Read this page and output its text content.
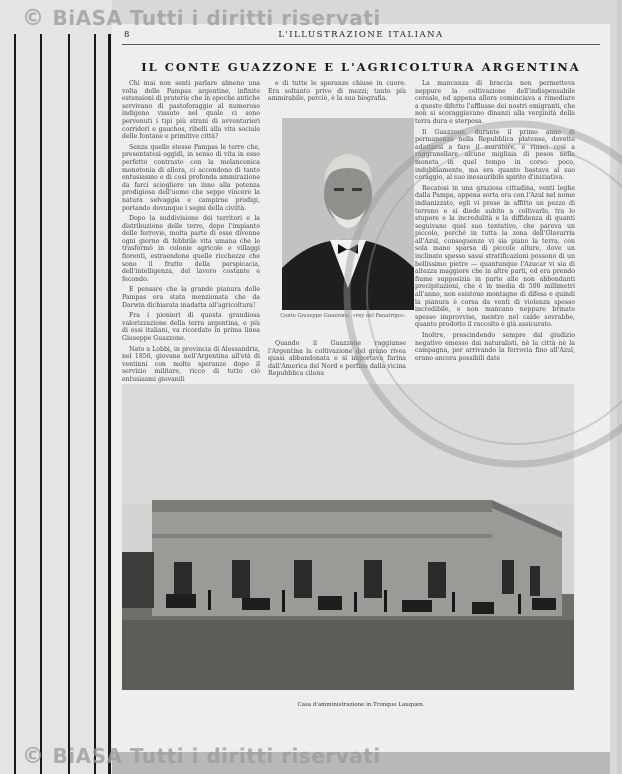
8	L'ILLUSTRAZIONE ITALIANA
IL CONTE GUAZZONE E L'AGRICOLTURA ARGENTINA

Chi mai non sentì parlare almeno una volta delle Pampas argentine, infinite estensioni di praterie che in epoche antiche servivano di pastoforaggio al numeroso indigeno vissuto nel quale ci sono pervenuti i tipi più strani di avventurieri corridori e gauchos, ribelli alla vita sociale delle fontane e primitive città?

Senza quelle stesse Pampas le terre che, presentatesi oggidì, in senso di vita in esso perfetto contrasto con la melanconica monotonia di allora, ci accendono di tanto entusiasmo e di così profonda ammirazione da farci scioglierе un inno alla potenza prodigiosa dell'uomo che seppe vincere la natura selvaggia e campirne prodigi, portando dovunque i segni della civiltà.

Dopo la suddivisione dei territori e la distribuzione delle terre, dopo l'impianto delle ferrovie, molta parte di esse divenne ogni giorno di febbrile vita umana che le trasformò in colonie agricole e villaggi fiorenti, estraendone quelle ricchezze che sono il frutto della perspicacia, dell'intelligenza, del lavoro costante e fecondo.

E pensare che la grande pianura delle Pampas era stata menzionata che da Darwin dichiarata inadatta all'agricoltura!

Fra i pionieri di questa grandiosa valorizzazione della terra argentina, e più di essi italiani, va ricordato in prima linea Giuseppe Guazzone.

Nato a Lobbi, in provincia di Alessandria, nel 1856, giovane nell'Argentina all'età di ventinni con molte speranze dopo il servizio militare, ricco di tutto ciò entusiasmi giovanili

e di tutte le speranze chiuse in cuore. Era soltanto privo di mezzi; tanto più ammirabile, perciò, è la sua biografia.

Conte Giuseppe Guazzone, «rey del Panatrigo».

Quando il Guazzone raggiunse l'Argentina la coltivazione del grano rivea quasi abbandonata e si importava farina dall'America del Nord e perfino dalla vicina Repubblica cilena

La mancanza di braccia non permetteva neppure la coltivazione dell'indispensabile cereale, ed appena allora cominciava a rimediare a questo difetto l'afflusso dei nostri emigranti, che non si scoraggiavano dinanzi alla verginità della terra dura e sterposa.

Il Guazzone, durante il primo anno di permanenza nella Repubblica platense, dovette adattarsi a fare il muratore, e riuscì così a raggranellare alcune migliaia di pesos nella moneta in quel tempo in corso: poco, indubbiamente, ma era quanto bastava al suo coraggio, al suo inesauribile spirito d'iniziativa.

Recatosi in una graziosa cittadina, venti leghe dalla Pampa, appena sorta ora con l'Azul nel nome indianizzato, egli vi prese in affitto un pezzo di terreno e si diede subito a coltivarlo, tra lo stupore e la incredulità e la diffidenza di quanti seguivano quel suo tentativo, che pareva un piccolo, perché in tutta la zona dell'Olavarría all'Azul, conseguenze vi sia piano la terra, con sola mano sparsa di piccole alture, dove un inclinato spesso sassi stratificazioni possono di un bellissimo pietre — quantunque l'Azucar vi sia di altezza maggiore che in altre parti, ed era prendo fiume supposizia in parte alle non abbondanti precipitazioni, che è in media di 500 millimetri all'anno, non esistono montagne di difesa e quindi la pianura è corsa da venti di violenza spesso incredibile, e non mancano neppure brinate spesso improvvise, mentre nel caldo sovrabbe, quanto prodotto il raccolto è già assicurato.

Inoltre, prescindendo sempre dal giudizio negativo emesso dai naturalisti, nè la città nè la campagna, per arrivando la ferrovia fino all'Azul, erano ancora possibili date

Casa d'amministrazione in Tronque Lauquen.
© BiASA Tutti i diritti riservati
© BiASA Tutti i diritti riservati
